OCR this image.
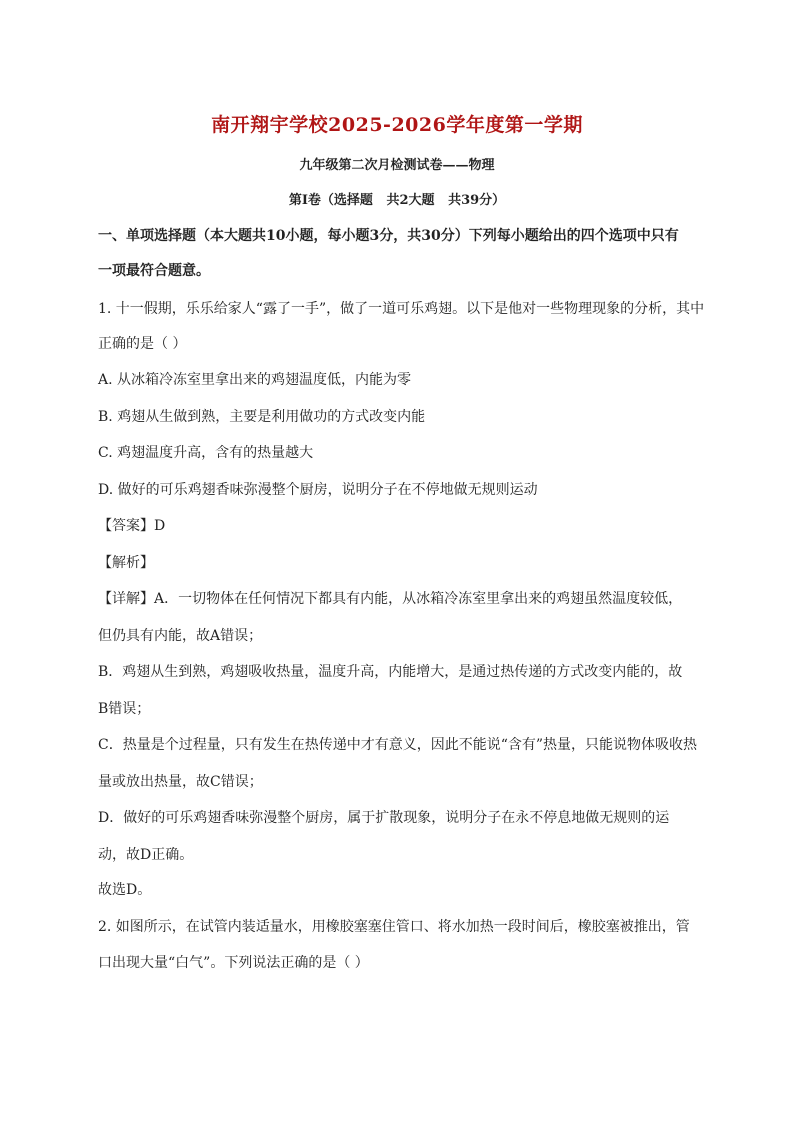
南开翔宇学校2025-2026学年度第一学期
九年级第二次月检测试卷——物理
第Ⅰ卷（选择题   共2大题   共39分）
一、单项选择题（本大题共10小题，每小题3分，共30分）下列每小题给出的四个选项中只有
一项最符合题意。
1. 十一假期，乐乐给家人“露了一手”，做了一道可乐鸡翅。以下是他对一些物理现象的分析，其中
正确的是（ ）
A. 从冰箱冷冻室里拿出来的鸡翅温度低，内能为零
B. 鸡翅从生做到熟，主要是利用做功的方式改变内能
C. 鸡翅温度升高，含有的热量越大
D. 做好的可乐鸡翅香味弥漫整个厨房，说明分子在不停地做无规则运动
【答案】D
【解析】
【详解】A．一切物体在任何情况下都具有内能，从冰箱冷冻室里拿出来的鸡翅虽然温度较低，
但仍具有内能，故A错误；
B．鸡翅从生到熟，鸡翅吸收热量，温度升高，内能增大，是通过热传递的方式改变内能的，故
B错误；
C．热量是个过程量，只有发生在热传递中才有意义，因此不能说“含有”热量，只能说物体吸收热
量或放出热量，故C错误；
D．做好的可乐鸡翅香味弥漫整个厨房，属于扩散现象，说明分子在永不停息地做无规则的运
动，故D正确。
故选D。
2. 如图所示，在试管内装适量水，用橡胶塞塞住管口、将水加热一段时间后，橡胶塞被推出，管
口出现大量“白气”。下列说法正确的是（ ）
